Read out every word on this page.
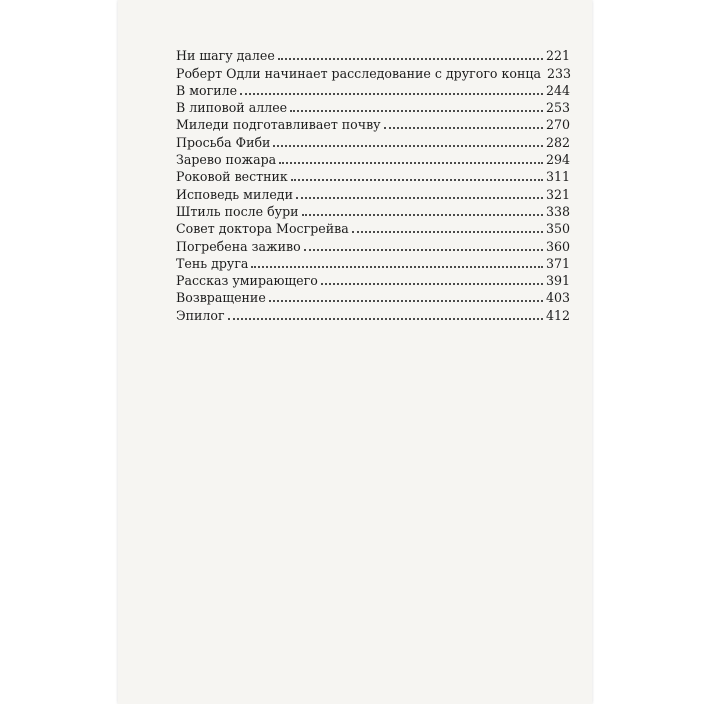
Ни шагу далее	221
Роберт Одли начинает расследование с другого конца 233
В могиле	244
В липовой аллее	253
Миледи подготавливает почву	270
Просьба Фиби	282
Зарево пожара	294
Роковой вестник	311
Исповедь миледи	321
Штиль после бури	338
Совет доктора Мосгрейва	350
Погребена заживо	360
Тень друга	371
Рассказ умирающего	391
Возвращение	403
Эпилог	412
